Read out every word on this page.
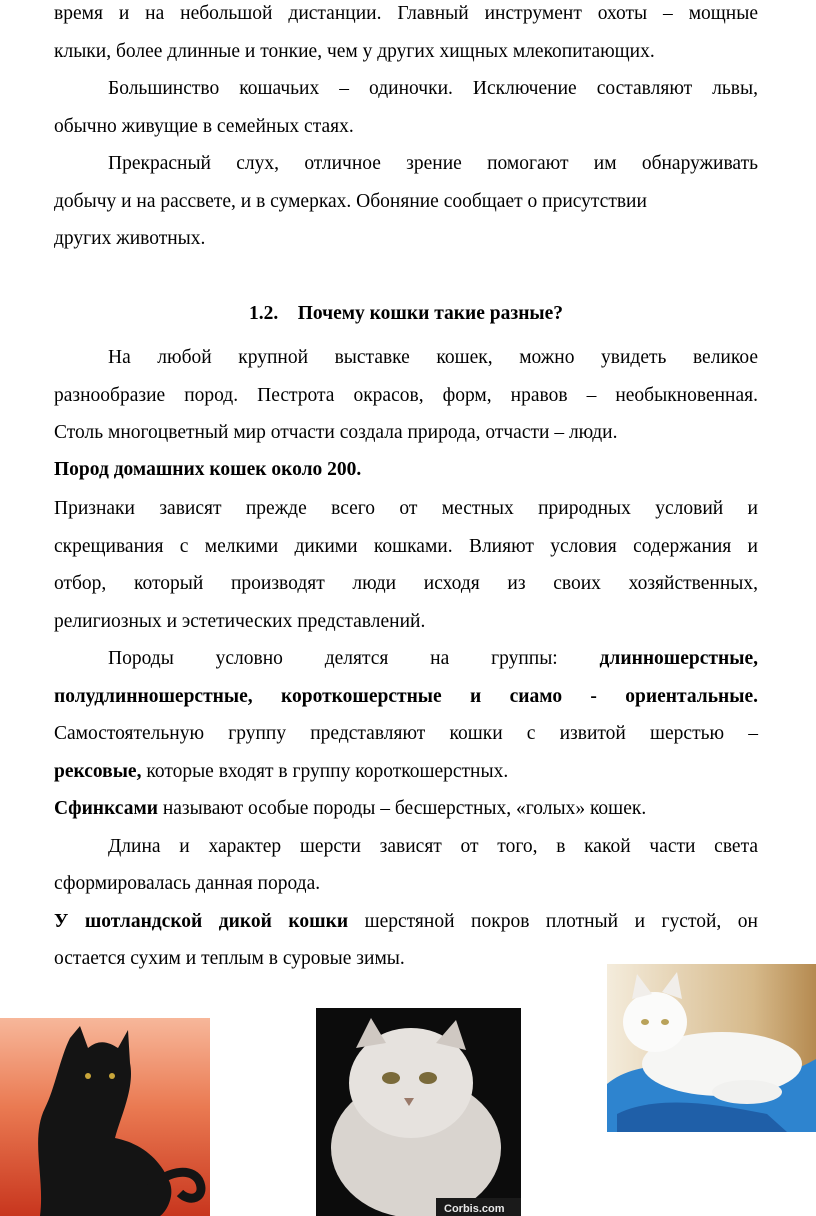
время и на небольшой дистанции. Главный инструмент охоты – мощные
клыки, более длинные и тонкие, чем у других хищных млекопитающих.
Большинство кошачьих – одиночки. Исключение составляют львы,
обычно живущие в семейных стаях.
Прекрасный слух, отличное зрение помогают им обнаруживать
добычу и на рассвете, и в сумерках. Обоняние сообщает о присутствии
других животных.
1.2.    Почему кошки такие разные?
На любой крупной выставке кошек, можно увидеть великое
разнообразие пород. Пестрота окрасов, форм, нравов – необыкновенная.
Столь многоцветный мир отчасти создала природа, отчасти – люди.
Пород домашних кошек около 200.
Признаки зависят прежде всего от местных природных условий и
скрещивания с мелкими дикими кошками. Влияют условия содержания и
отбор, который производят люди исходя из своих хозяйственных,
религиозных и эстетических представлений.
Породы условно делятся на группы: длинношерстные,
полудлинношерстные, короткошерстные и сиамо - ориентальные.
Самостоятельную группу представляют кошки с извитой шерстью –
рексовые, которые входят в группу короткошерстных.
Сфинксами называют особые породы – бесшерстных, «голых» кошек.
Длина и характер шерсти зависят от того, в какой части света
сформировалась данная порода.
У шотландской дикой кошки шерстяной покров плотный и густой, он
остается сухим и теплым в суровые зимы.
Corbis.com
